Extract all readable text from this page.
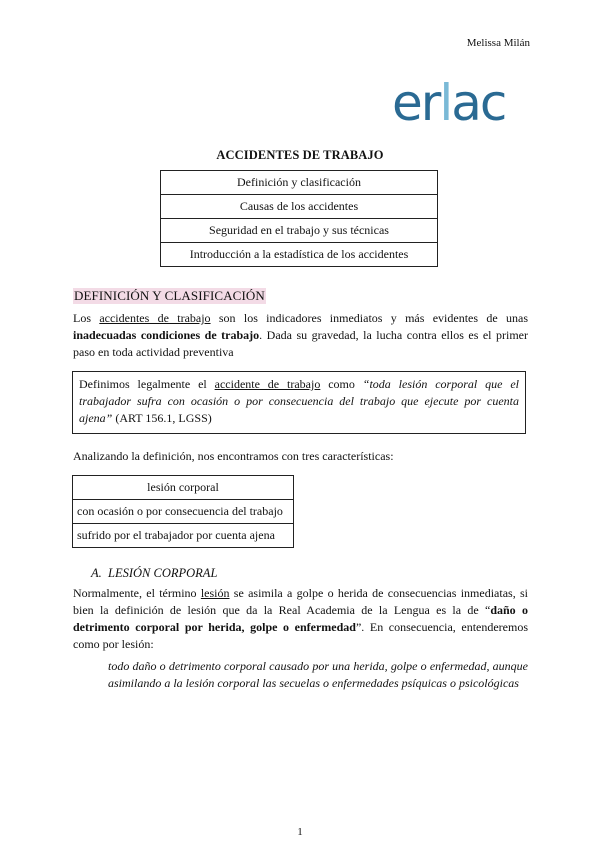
Melissa Milán
erlac
ACCIDENTES DE TRABAJO
Definición y clasificación
Causas de los accidentes
Seguridad en el trabajo y sus técnicas
Introducción a la estadística de los accidentes
DEFINICIÓN Y CLASIFICACIÓN
Los accidentes de trabajo son los indicadores inmediatos y más evidentes de unas inadecuadas condiciones de trabajo. Dada su gravedad, la lucha contra ellos es el primer paso en toda actividad preventiva
Definimos legalmente el accidente de trabajo como “toda lesión corporal que el trabajador sufra con ocasión o por consecuencia del trabajo que ejecute por cuenta ajena” (ART 156.1, LGSS)
Analizando la definición, nos encontramos con tres características:
lesión corporal
con ocasión o por consecuencia del trabajo
sufrido por el trabajador por cuenta ajena
A. LESIÓN CORPORAL
Normalmente, el término lesión se asimila a golpe o herida de consecuencias inmediatas, si bien la definición de lesión que da la Real Academia de la Lengua es la de “daño o detrimento corporal por herida, golpe o enfermedad”. En consecuencia, entenderemos como por lesión:
todo daño o detrimento corporal causado por una herida, golpe o enfermedad, aunque asimilando a la lesión corporal las secuelas o enfermedades psíquicas o psicológicas
1
